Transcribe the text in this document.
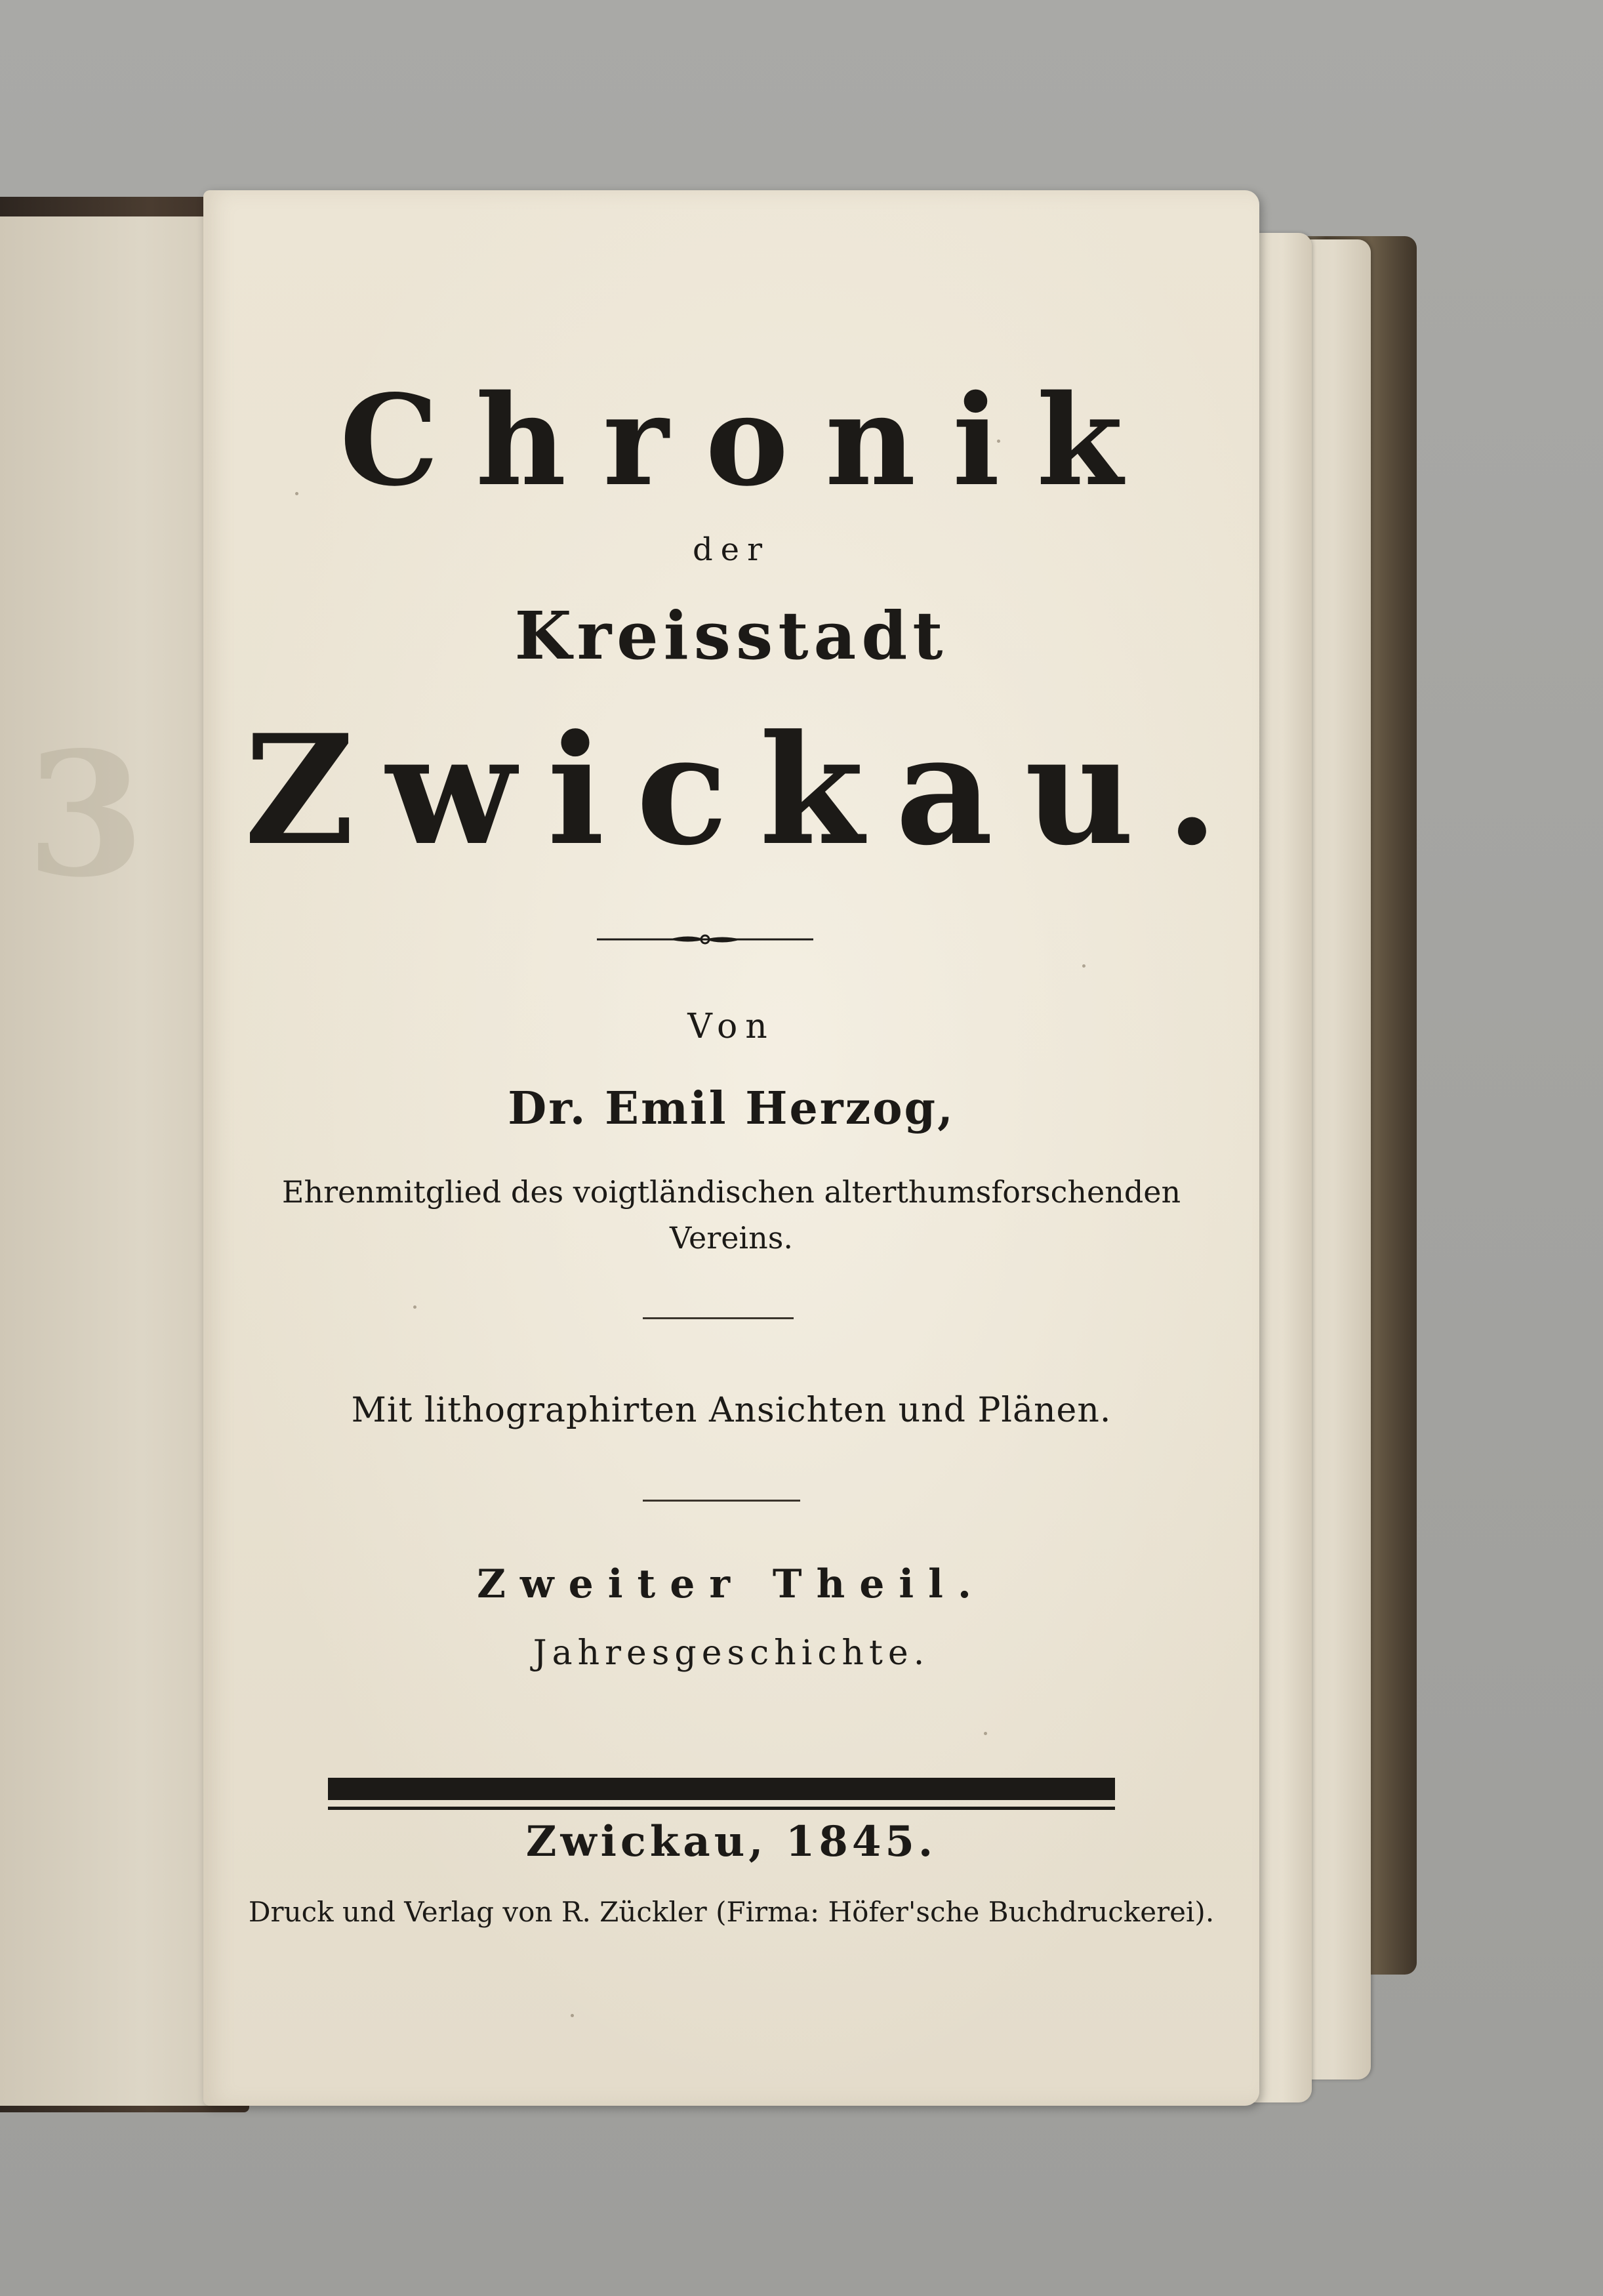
3
Chronik
der
Kreisstadt
Zwickau.
Von
Dr. Emil Herzog,
Ehrenmitglied des voigtländischen alterthumsforschenden
Vereins.
Mit lithographirten Ansichten und Plänen.
Zweiter Theil.
Jahresgeschichte.
Zwickau, 1845.
Druck und Verlag von R. Zückler (Firma: Höfer'sche Buchdruckerei).
